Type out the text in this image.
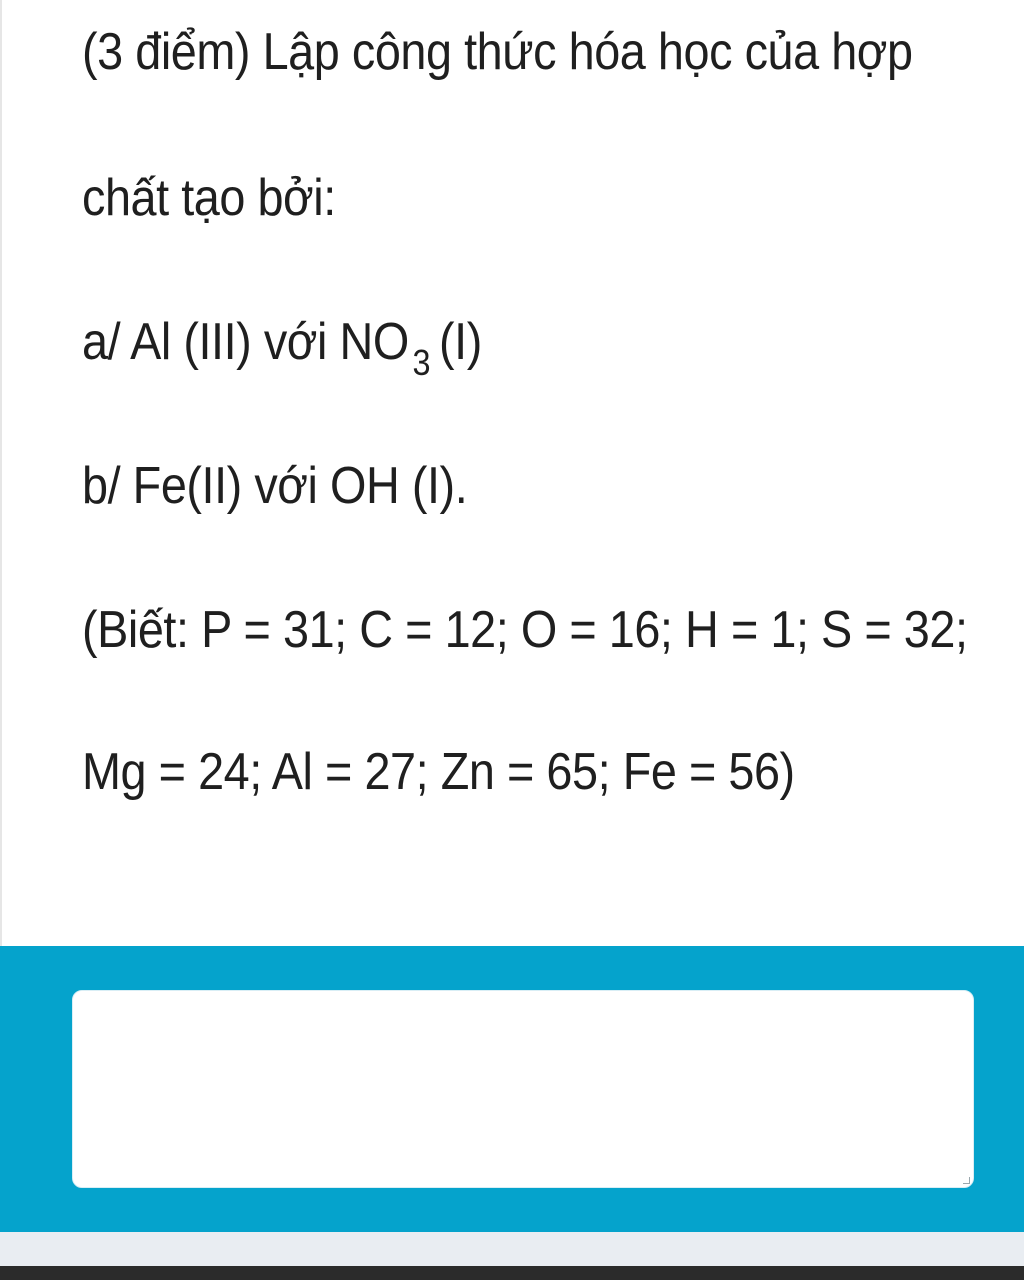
(3 điểm) Lập công thức hóa học của hợp
chất tạo bởi:
a/ Al (III) với NO $_3$ (I)
b/ Fe(II) với OH (I).
(Biết: P = 31; C = 12; O = 16; H = 1; S = 32;
Mg = 24; Al = 27; Zn = 65; Fe = 56)
